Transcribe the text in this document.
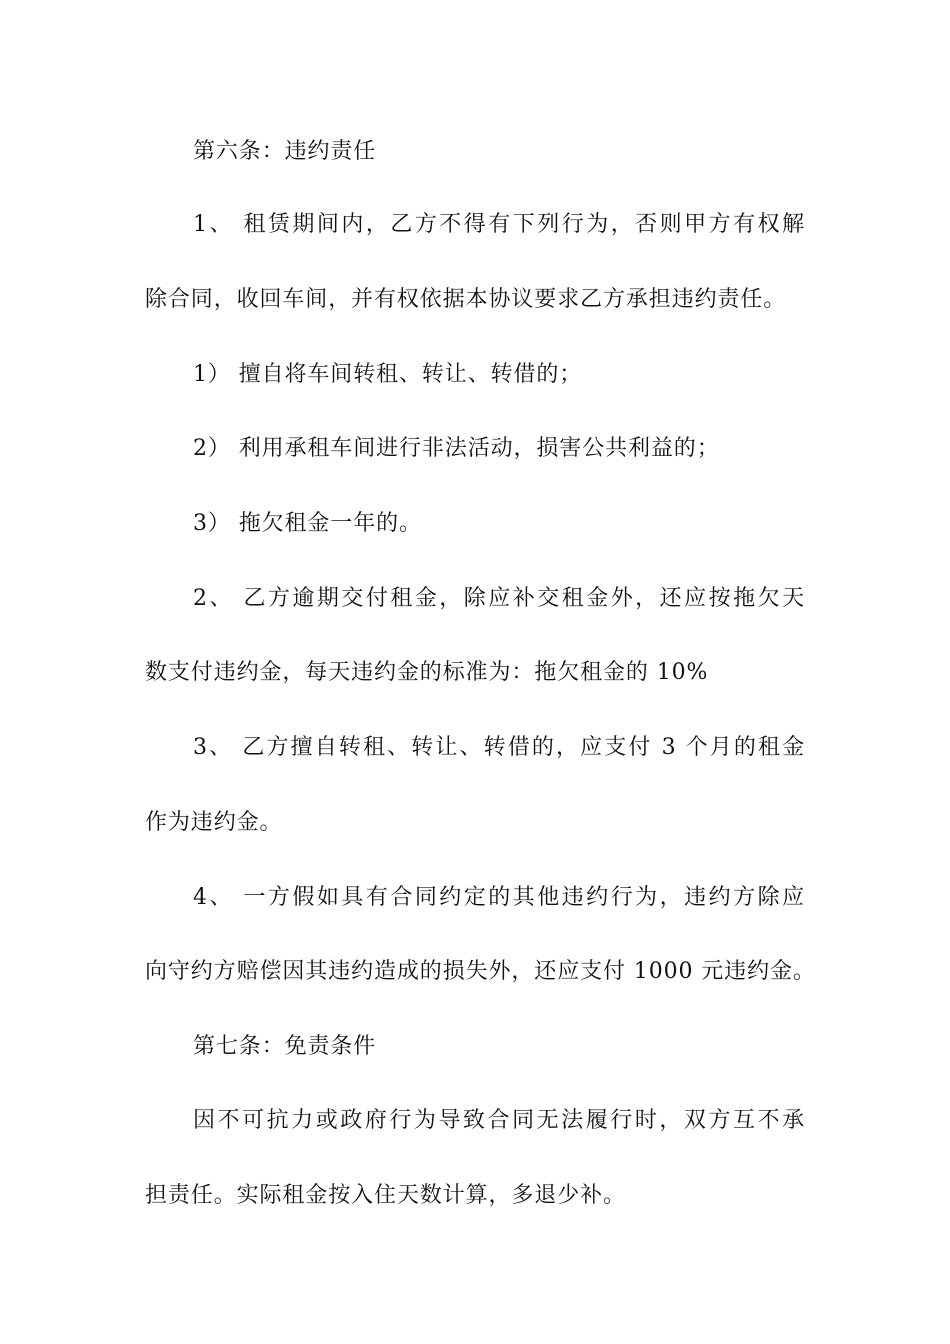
第六条：违约责任
1、 租赁期间内，乙方不得有下列行为，否则甲方有权解
除合同，收回车间，并有权依据本协议要求乙方承担违约责任。
1） 擅自将车间转租、转让、转借的；
2） 利用承租车间进行非法活动，损害公共利益的；
3） 拖欠租金一年的。
2、 乙方逾期交付租金，除应补交租金外，还应按拖欠天
数支付违约金，每天违约金的标准为：拖欠租金的 10%
3、 乙方擅自转租、转让、转借的，应支付 3 个月的租金
作为违约金。
4、 一方假如具有合同约定的其他违约行为，违约方除应
向守约方赔偿因其违约造成的损失外，还应支付 1000 元违约金。
第七条：免责条件
因不可抗力或政府行为导致合同无法履行时，双方互不承
担责任。实际租金按入住天数计算，多退少补。
